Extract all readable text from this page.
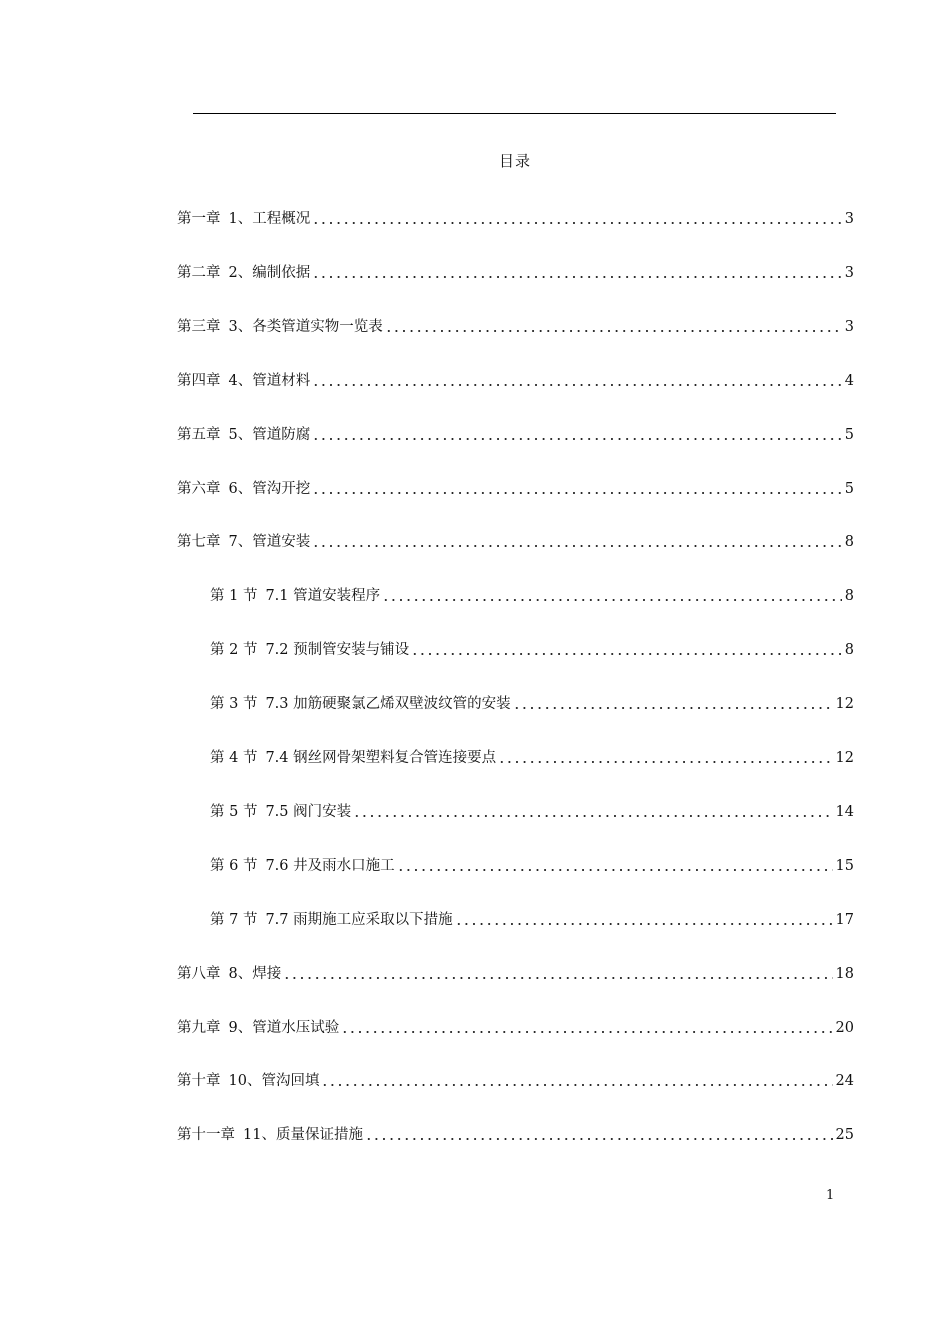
目录
第一章 1、工程概况	3
第二章 2、编制依据	3
第三章 3、各类管道实物一览表	3
第四章 4、管道材料	4
第五章 5、管道防腐	5
第六章 6、管沟开挖	5
第七章 7、管道安装	8
第 1 节 7.1 管道安装程序	8
第 2 节 7.2 预制管安装与铺设	8
第 3 节 7.3 加筋硬聚氯乙烯双壁波纹管的安装	12
第 4 节 7.4 钢丝网骨架塑料复合管连接要点	12
第 5 节 7.5 阀门安装	14
第 6 节 7.6 井及雨水口施工	15
第 7 节 7.7 雨期施工应采取以下措施	17
第八章 8、焊接	18
第九章 9、管道水压试验	20
第十章 10、管沟回填	24
第十一章 11、质量保证措施	25
1
